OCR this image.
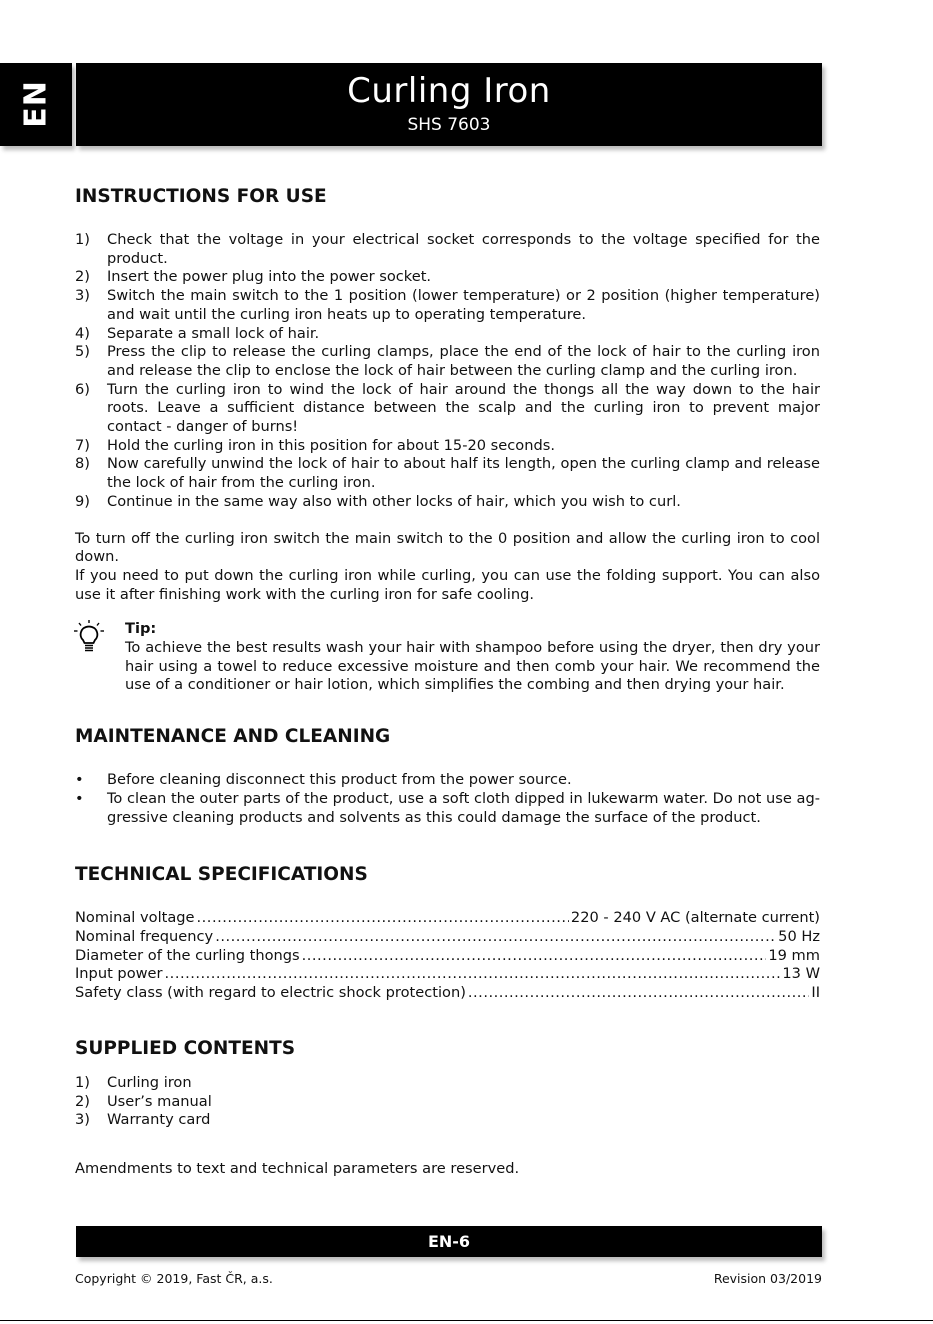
EN	Curling Iron
SHS 7603
INSTRUCTIONS FOR USE
1) Check that the voltage in your electrical socket corresponds to the voltage specified for the product.
2) Insert the power plug into the power socket.
3) Switch the main switch to the 1 position (lower temperature) or 2 position (higher temperature) and wait until the curling iron heats up to operating temperature.
4) Separate a small lock of hair.
5) Press the clip to release the curling clamps, place the end of the lock of hair to the curling iron and release the clip to enclose the lock of hair between the curling clamp and the curling iron.
6) Turn the curling iron to wind the lock of hair around the thongs all the way down to the hair roots. Leave a sufficient distance between the scalp and the curling iron to prevent major contact - danger of burns!
7) Hold the curling iron in this position for about 15-20 seconds.
8) Now carefully unwind the lock of hair to about half its length, open the curling clamp and release the lock of hair from the curling iron.
9) Continue in the same way also with other locks of hair, which you wish to curl.

To turn off the curling iron switch the main switch to the 0 position and allow the curling iron to cool down.

If you need to put down the curling iron while curling, you can use the folding support. You can also use it after finishing work with the curling iron for safe cooling.

Tip:
To achieve the best results wash your hair with shampoo before using the dryer, then dry your hair using a towel to reduce excessive moisture and then comb your hair. We recommend the use of a conditioner or hair lotion, which simplifies the combing and then drying your hair.
MAINTENANCE AND CLEANING
• Before cleaning disconnect this product from the power source.
• To clean the outer parts of the product, use a soft cloth dipped in lukewarm water. Do not use ag-gressive cleaning products and solvents as this could damage the surface of the product.
TECHNICAL SPECIFICATIONS
Nominal voltage .....	220 - 240 V AC (alternate current)
Nominal frequency .....	50 Hz
Diameter of the curling thongs .....	19 mm
Input power .....	13 W
Safety class (with regard to electric shock protection) .....	II
SUPPLIED CONTENTS
1) Curling iron
2) User’s manual
3) Warranty card

Amendments to text and technical parameters are reserved.

EN-6
Copyright © 2019, Fast ČR, a.s.	Revision 03/2019
